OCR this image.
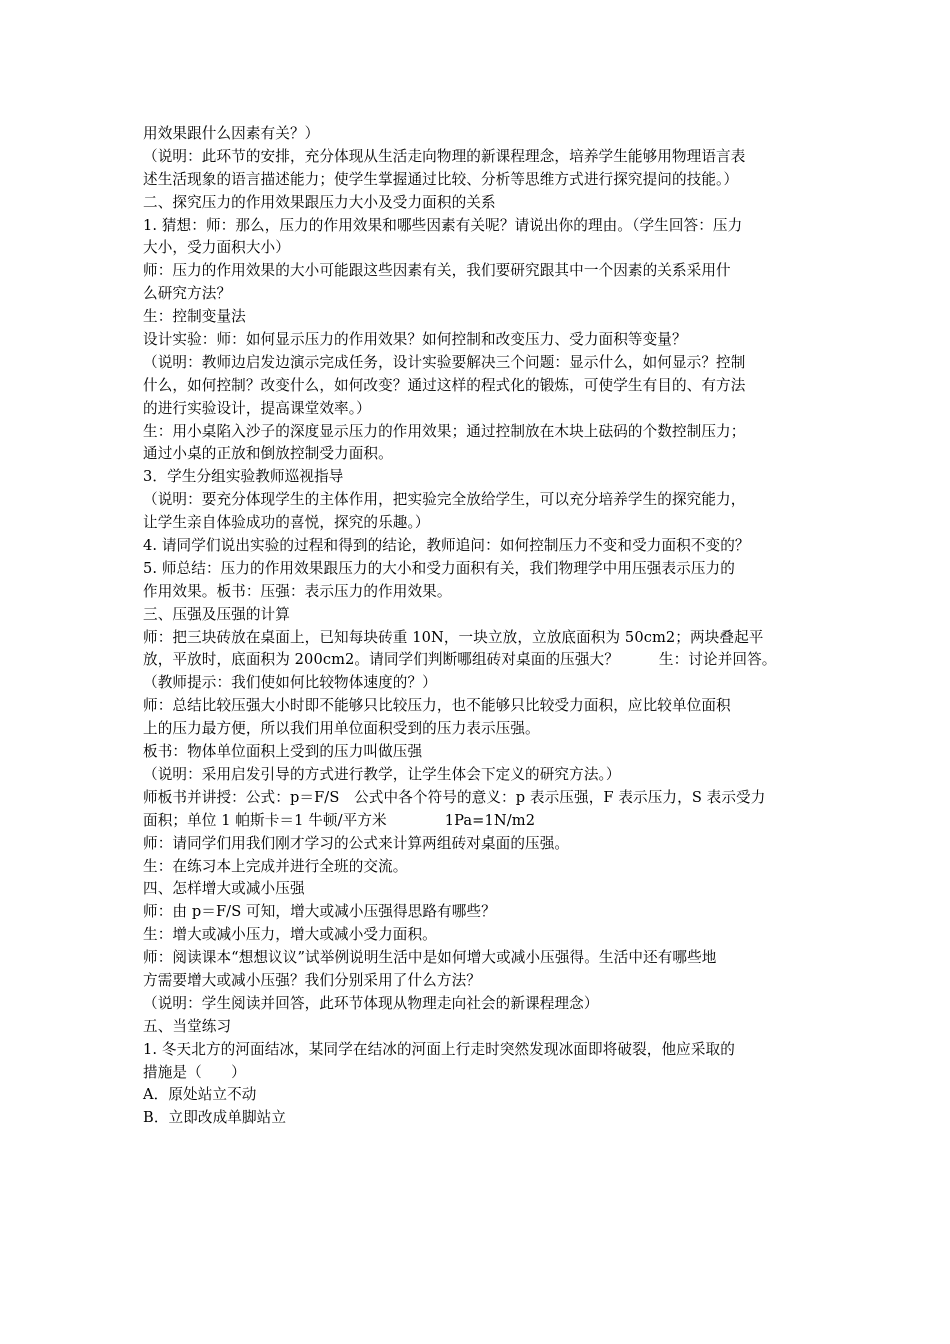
用效果跟什么因素有关？）
（说明：此环节的安排，充分体现从生活走向物理的新课程理念，培养学生能够用物理语言表
述生活现象的语言描述能力；使学生掌握通过比较、分析等思维方式进行探究提问的技能。）
二、探究压力的作用效果跟压力大小及受力面积的关系
1. 猜想：师：那么，压力的作用效果和哪些因素有关呢？请说出你的理由。（学生回答：压力
大小，受力面积大小）
师：压力的作用效果的大小可能跟这些因素有关，我们要研究跟其中一个因素的关系采用什
么研究方法？
生：控制变量法
设计实验：师：如何显示压力的作用效果？如何控制和改变压力、受力面积等变量？
（说明：教师边启发边演示完成任务，设计实验要解决三个问题：显示什么，如何显示？控制
什么，如何控制？改变什么，如何改变？通过这样的程式化的锻炼，可使学生有目的、有方法
的进行实验设计，提高课堂效率。）
生：用小桌陷入沙子的深度显示压力的作用效果；通过控制放在木块上砝码的个数控制压力；
通过小桌的正放和倒放控制受力面积。
3．学生分组实验教师巡视指导
（说明：要充分体现学生的主体作用，把实验完全放给学生，可以充分培养学生的探究能力，
让学生亲自体验成功的喜悦，探究的乐趣。）
4. 请同学们说出实验的过程和得到的结论，教师追问：如何控制压力不变和受力面积不变的？
5. 师总结：压力的作用效果跟压力的大小和受力面积有关，我们物理学中用压强表示压力的
作用效果。板书：压强：表示压力的作用效果。
三、压强及压强的计算
师：把三块砖放在桌面上，已知每块砖重 10N，一块立放，立放底面积为 50cm2；两块叠起平
放，平放时，底面积为 200cm2。请同学们判断哪组砖对桌面的压强大？	生：讨论并回答。
（教师提示：我们使如何比较物体速度的？）
师：总结比较压强大小时即不能够只比较压力，也不能够只比较受力面积，应比较单位面积
上的压力最方便，所以我们用单位面积受到的压力表示压强。
板书：物体单位面积上受到的压力叫做压强
（说明：采用启发引导的方式进行教学，让学生体会下定义的研究方法。）
师板书并讲授：公式：p＝F/S　公式中各个符号的意义：p 表示压强，F 表示压力，S 表示受力
面积；单位 1 帕斯卡＝1 牛顿/平方米	1Pa=1N/m2
师：请同学们用我们刚才学习的公式来计算两组砖对桌面的压强。
生：在练习本上完成并进行全班的交流。
四、怎样增大或减小压强
师：由 p＝F/S 可知，增大或减小压强得思路有哪些？
生：增大或减小压力，增大或减小受力面积。
师：阅读课本“想想议议”试举例说明生活中是如何增大或减小压强得。生活中还有哪些地
方需要增大或减小压强？我们分别采用了什么方法？
（说明：学生阅读并回答，此环节体现从物理走向社会的新课程理念）
五、当堂练习
1. 冬天北方的河面结冰，某同学在结冰的河面上行走时突然发现冰面即将破裂，他应采取的
措施是（　　）
A．原处站立不动
B．立即改成单脚站立
